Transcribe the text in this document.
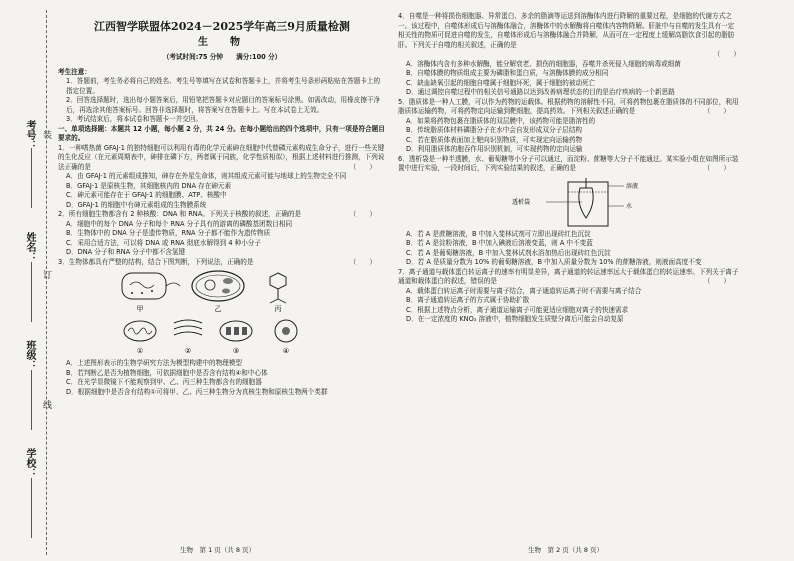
考号：
姓名：
班级：
学校：
装
订
线
江西智学联盟体2024－2025学年高三9月质量检测
生　物
（考试时间:75 分钟　　满分:100 分）

考生注意：

1．答题前，考生务必将自己的姓名、考生号等填写在试卷和答题卡上，并将考生号条形码粘贴在答题卡上的指定位置。

2．回答选择题时，选出每小题答案后，用铅笔把答题卡对应题目的答案标号涂黑。如需改动，用橡皮擦干净后，再选涂其他答案标号。回答非选择题时，将答案写在答题卡上。写在本试卷上无效。

3．考试结束后，将本试卷和答题卡一并交回。

一、单项选择题：本题共 12 小题，每小题 2 分，共 24 分。在每小题给出的四个选项中，只有一项是符合题目要求的。

1．一种嗜热菌 GFAJ-1 的独特细胞可以利用有毒的化学元素砷在细胞中代替磷元素构成生命分子，进行一些关键的生化反应（在元素周期表中，砷排在磷下方，两者属于同族，化学性质相似），根据上述材料进行推测，下列说法正确的是	（　　）

A．由 GFAJ-1 的元素组成推知，砷存在外星生命体，则其组成元素可能与地球上的生物完全不同

B．GFAJ-1 是原核生物，其细胞核内的 DNA 存在砷元素

C．砷元素可能存在于 GFAJ-1 的细胞膜、ATP、核酸中

D．GFAJ-1 的细胞中有砷元素组成的生物膜系统

2．所有细胞生物都含有 2 种核酸：DNA 和 RNA。下列关于核酸的叙述，正确的是	（　　）

A．细胞中的每个 DNA 分子和每个 RNA 分子具有的游离的磷酸基团数目相同

B．生物体中的 DNA 分子是遗传物质，RNA 分子都不能作为遗传物质

C．采用合适方法，可以将 DNA 或 RNA 彻底水解得到 4 种小分子

D．DNA 分子和 RNA 分子中都不含氢键

3．生物体都具有严整的结构，结合下图判断，下列说法，正确的是	（　　）

甲	乙	丙
①	②	③	④

A．上述图形表示的生物学研究方法为模型构建中的物理模型

B．若判断乙是否为植物细胞，可依据细胞中是否含有结构④和中心体

C．在光学显微镜下不能观察到甲、乙、丙三种生物都含有的细胞器

D．根据细胞中是否含有结构①可将甲、乙、丙三种生物分为真核生物和原核生物两个类群

4．自噬是一种将损伤细胞器、异常蛋白、多余的脂滴等运送到溶酶体内进行降解的重要过程，是细胞的代谢方式之一。该过程中，自噬体形成后与溶酶体融合，溶酶体中的水解酶将自噬体内容物降解。肝脏中与自噬的发生具有一定相关性的物质可促进自噬的发生，自噬体形成后与溶酶体融合并降解，从而可在一定程度上缓解高脂饮食引起的脂肪肝。下列关于自噬的相关叙述，正确的是

（　　）

A．溶酶体内含有多种水解酶，能分解衰老、损伤的细胞器，吞噬并杀死侵入细胞的病毒或细菌

B．自噬体膜的物质组成主要为磷脂和蛋白质，与溶酶体膜的成分相同

C．缺血缺氧引起的细胞自噬属于细胞坏死，属于细胞的被动死亡

D．通过调控自噬过程中的相关信号通路以达到改善病理状态的目的是治疗疾病的一个新思路

5．脂质体是一种人工膜，可以作为药物的运载体。根据药物的溶解性不同，可将药物包裹在脂质体的不同部位，利用脂质体运输药物，可将药物定向运输到靶细胞，提高药效。下列相关叙述正确的是	（　　）

A．如果将药物包裹在脂质体的双层膜中，该药物可能是脂溶性的

B．传统脂质体材料磷脂分子在水中会自发形成双分子层结构

C．若在脂质体表面加上靶向识别物质，可实现定向运输药物

D．利用脂质体的胞吞作用识别机制，可实现药物的定向运输

6．透析袋是一种半透膜，水、葡萄糖等小分子可以通过，而淀粉、蔗糖等大分子不能通过。某实验小组在如图所示装置中进行实验，一段时间后，下列实验结果的叙述，正确的是	（　　）

透析袋
溶液
水

A．若 A 是蔗糖溶液，B 中加入斐林试剂可立即出现砖红色沉淀

B．若 A 是淀粉溶液，B 中加入碘液后溶液变蓝，则 A 中不变蓝

C．若 A 是葡萄糖溶液，B 中加入斐林试剂水浴加热后出现砖红色沉淀

D．若 A 是质量分数为 10% 的葡萄糖溶液，B 中加入质量分数为 10% 的蔗糖溶液，则液面高度不变

7．离子通道与载体蛋白转运离子的速率有明显差异，离子通道的转运速率远大于载体蛋白的转运速率。下列关于离子通道和载体蛋白的叙述，错误的是	（　　）

A．载体蛋白转运离子时需要与离子结合，离子通道转运离子时不需要与离子结合

B．离子通道转运离子的方式属于协助扩散

C．根据上述特点分析，离子通道运输离子可能更适应细胞对离子的快速需求

D．在一定浓度的 KNO₃ 溶液中，植物细胞发生质壁分离后可能会自动复原

生物　第 1 页（共 8 页）	生物　第 2 页（共 8 页）
